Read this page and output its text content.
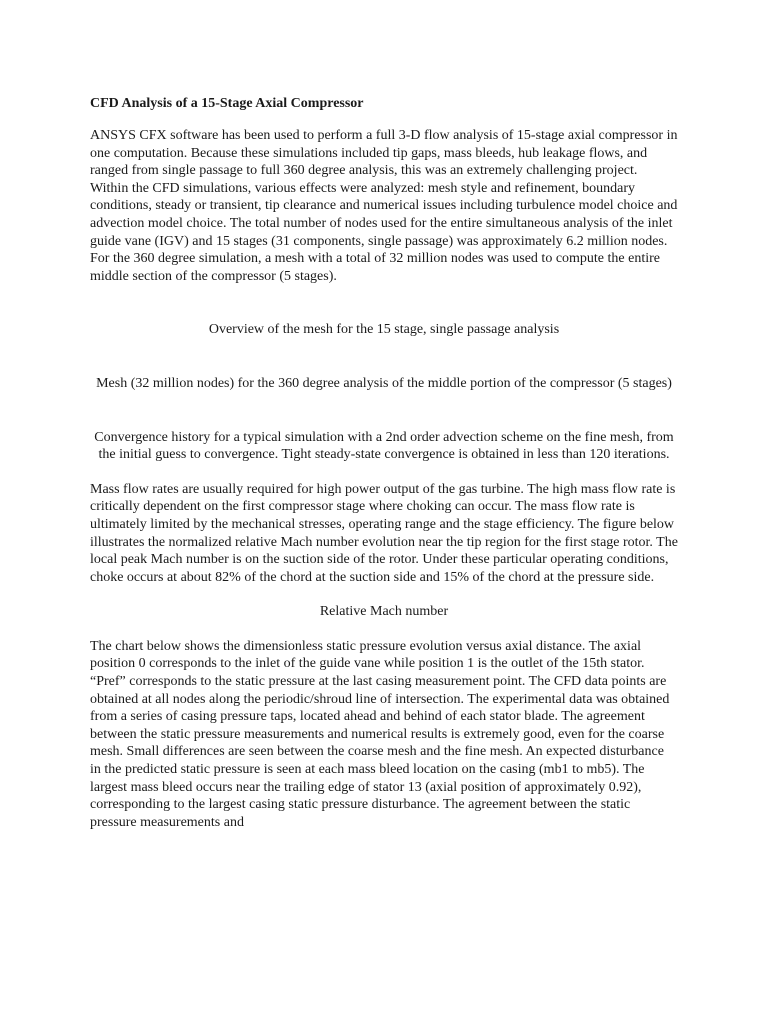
CFD Analysis of a 15-Stage Axial Compressor

ANSYS CFX software has been used to perform a full 3-D flow analysis of 15-stage axial compressor in one computation. Because these simulations included tip gaps, mass bleeds, hub leakage flows, and ranged from single passage to full 360 degree analysis, this was an extremely challenging project. Within the CFD simulations, various effects were analyzed: mesh style and refinement, boundary conditions, steady or transient, tip clearance and numerical issues including turbulence model choice and advection model choice. The total number of nodes used for the entire simultaneous analysis of the inlet guide vane (IGV) and 15 stages (31 components, single passage) was approximately 6.2 million nodes. For the 360 degree simulation, a mesh with a total of 32 million nodes was used to compute the entire middle section of the compressor (5 stages).

Overview of the mesh for the 15 stage, single passage analysis

Mesh (32 million nodes) for the 360 degree analysis of the middle portion of the compressor (5 stages)

Convergence history for a typical simulation with a 2nd order advection scheme on the fine mesh, from the initial guess to convergence. Tight steady-state convergence is obtained in less than 120 iterations.

Mass flow rates are usually required for high power output of the gas turbine. The high mass flow rate is critically dependent on the first compressor stage where choking can occur. The mass flow rate is ultimately limited by the mechanical stresses, operating range and the stage efficiency. The figure below illustrates the normalized relative Mach number evolution near the tip region for the first stage rotor. The local peak Mach number is on the suction side of the rotor. Under these particular operating conditions, choke occurs at about 82% of the chord at the suction side and 15% of the chord at the pressure side.

Relative Mach number

The chart below shows the dimensionless static pressure evolution versus axial distance. The axial position 0 corresponds to the inlet of the guide vane while position 1 is the outlet of the 15th stator. “Pref” corresponds to the static pressure at the last casing measurement point. The CFD data points are obtained at all nodes along the periodic/shroud line of intersection. The experimental data was obtained from a series of casing pressure taps, located ahead and behind of each stator blade. The agreement between the static pressure measurements and numerical results is extremely good, even for the coarse mesh. Small differences are seen between the coarse mesh and the fine mesh. An expected disturbance in the predicted static pressure is seen at each mass bleed location on the casing (mb1 to mb5). The largest mass bleed occurs near the trailing edge of stator 13 (axial position of approximately 0.92), corresponding to the largest casing static pressure disturbance. The agreement between the static pressure measurements and
